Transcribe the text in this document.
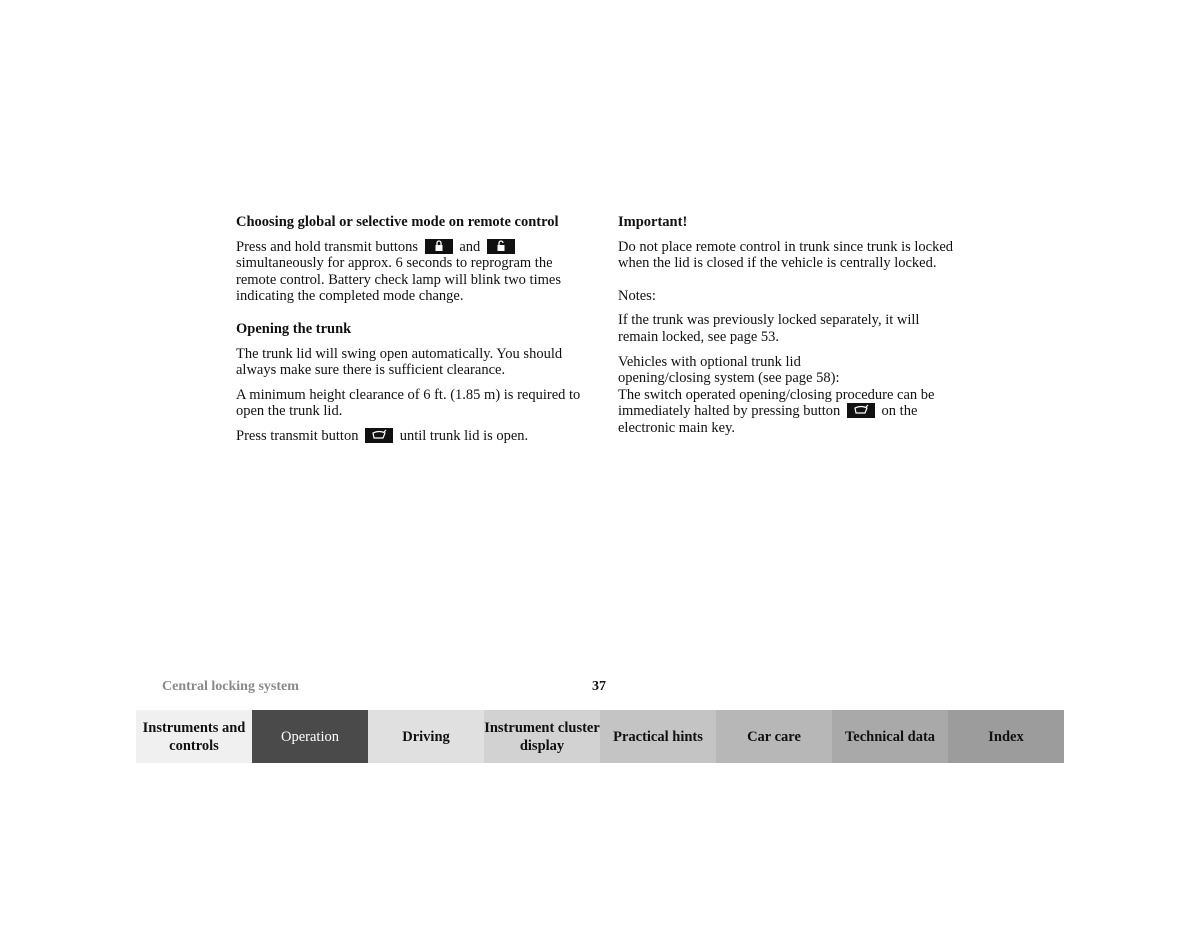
Choosing global or selective mode on remote control
Press and hold transmit buttons	and
simultaneously for approx. 6 seconds to reprogram the remote control. Battery check lamp will blink two times indicating the completed mode change.
Opening the trunk
The trunk lid will swing open automatically. You should always make sure there is sufficient clearance.
A minimum height clearance of 6 ft. (1.85 m) is required to open the trunk lid.
Press transmit button	until trunk lid is open.
Important!
Do not place remote control in trunk since trunk is locked when the lid is closed if the vehicle is centrally locked.
Notes:
If the trunk was previously locked separately, it will remain locked, see page 53.
Vehicles with optional trunk lid
opening/closing system (see page 58):
The switch operated opening/closing procedure can be immediately halted by pressing button	on the electronic main key.
Central locking system	37
Instruments and controls
Operation	Driving
Instrument cluster display
Practical hints	Car care	Technical data	Index
